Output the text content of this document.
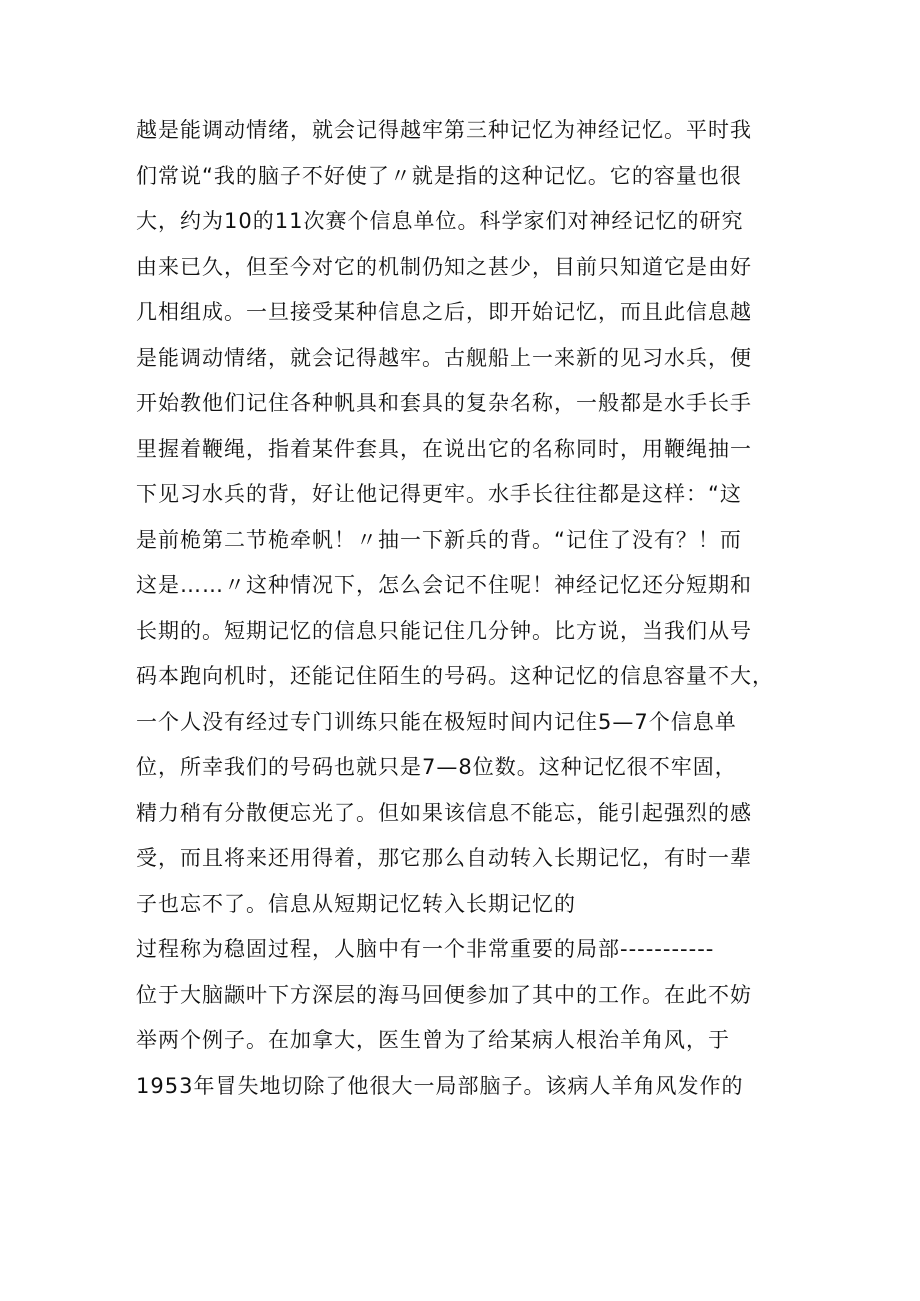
越是能调动情绪，就会记得越牢第三种记忆为神经记忆。平时我
们常说“我的脑子不好使了〃就是指的这种记忆。它的容量也很
大，约为10的11次赛个信息单位。科学家们对神经记忆的研究
由来已久，但至今对它的机制仍知之甚少，目前只知道它是由好
几相组成。一旦接受某种信息之后，即开始记忆，而且此信息越
是能调动情绪，就会记得越牢。古舰船上一来新的见习水兵，便
开始教他们记住各种帆具和套具的复杂名称，一般都是水手长手
里握着鞭绳，指着某件套具，在说出它的名称同时，用鞭绳抽一
下见习水兵的背，好让他记得更牢。水手长往往都是这样：“这
是前桅第二节桅牵帆！〃抽一下新兵的背。“记住了没有？！而
这是……〃这种情况下，怎么会记不住呢！神经记忆还分短期和
长期的。短期记忆的信息只能记住几分钟。比方说，当我们从号
码本跑向机时，还能记住陌生的号码。这种记忆的信息容量不大，
一个人没有经过专门训练只能在极短时间内记住5—7个信息单
位，所幸我们的号码也就只是7—8位数。这种记忆很不牢固，
精力稍有分散便忘光了。但如果该信息不能忘，能引起强烈的感
受，而且将来还用得着，那它那么自动转入长期记忆，有时一辈
子也忘不了。信息从短期记忆转入长期记忆的
过程称为稳固过程，人脑中有一个非常重要的局部-----------
位于大脑颛叶下方深层的海马回便参加了其中的工作。在此不妨
举两个例子。在加拿大，医生曾为了给某病人根治羊角风，于
1953年冒失地切除了他很大一局部脑子。该病人羊角风发作的
